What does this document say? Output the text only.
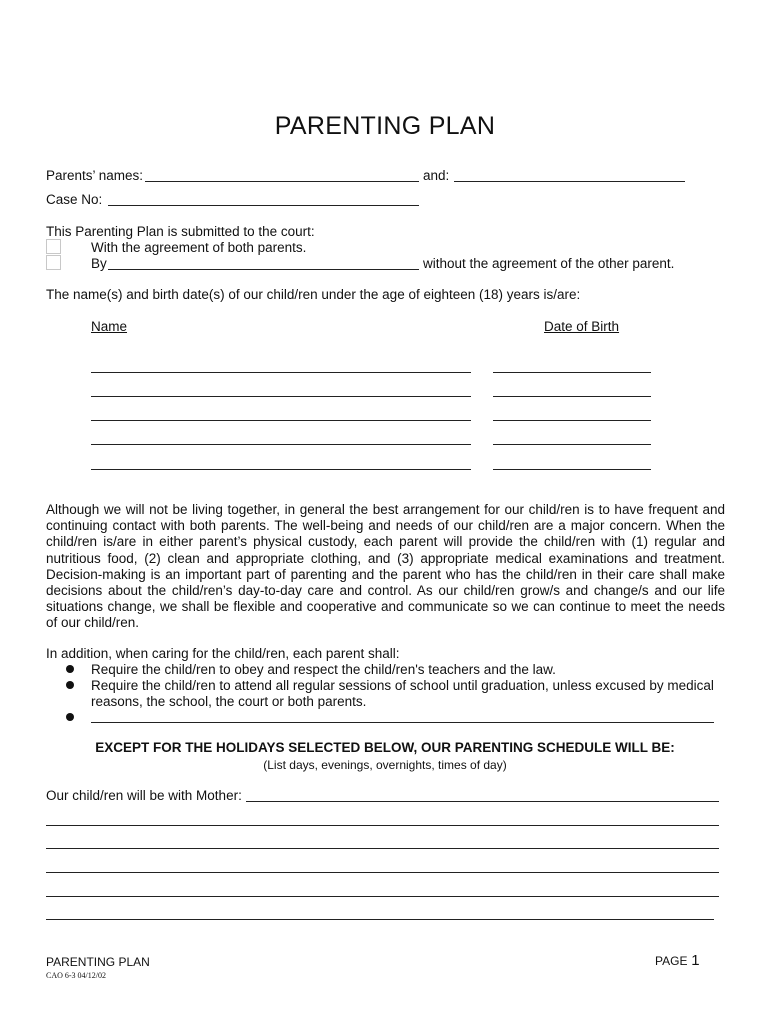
PARENTING PLAN
Parents’ names:	and:
Case No:
This Parenting Plan is submitted to the court:
With the agreement of both parents.
By	without the agreement of the other parent.
The name(s) and birth date(s) of our child/ren under the age of eighteen (18) years is/are:
Name	Date of Birth
Although we will not be living together, in general the best arrangement for our child/ren is to have frequent and continuing contact with both parents. The well-being and needs of our child/ren are a major concern. When the child/ren is/are in either parent’s physical custody, each parent will provide the child/ren with (1) regular and nutritious food, (2) clean and appropriate clothing, and (3) appropriate medical examinations and treatment. Decision-making is an important part of parenting and the parent who has the child/ren in their care shall make decisions about the child/ren’s day-to-day care and control. As our child/ren grow/s and change/s and our life situations change, we shall be flexible and cooperative and communicate so we can continue to meet the needs of our child/ren.
In addition, when caring for the child/ren, each parent shall:
Require the child/ren to obey and respect the child/ren's teachers and the law.
Require the child/ren to attend all regular sessions of school until graduation, unless excused by medical
reasons, the school, the court or both parents.
EXCEPT FOR THE HOLIDAYS SELECTED BELOW, OUR PARENTING SCHEDULE WILL BE:
(List days, evenings, overnights, times of day)
Our child/ren will be with Mother:
PARENTING PLAN
CAO 6-3 04/12/02
PAGE 1
